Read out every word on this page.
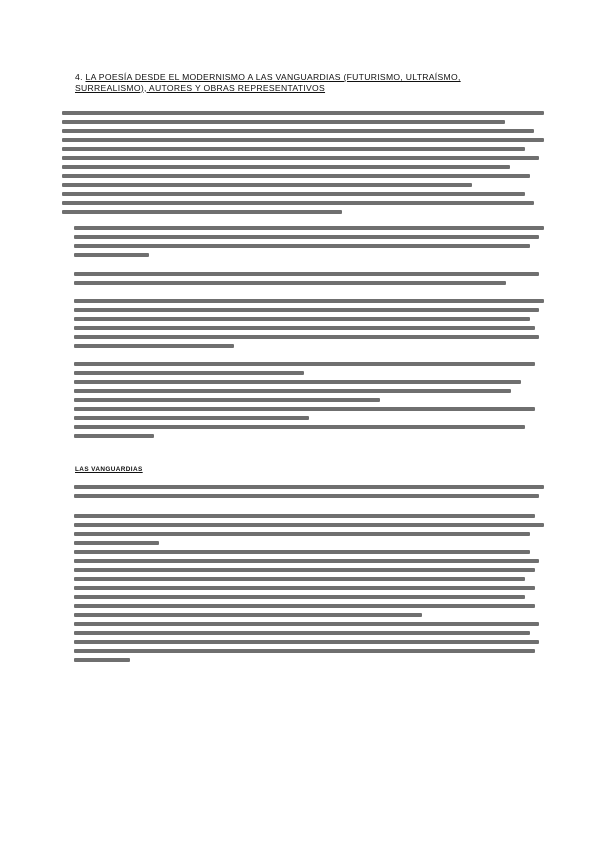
4. LA POESÍA DESDE EL MODERNISMO A LAS VANGUARDIAS (FUTURISMO, ULTRAÍSMO,
SURREALISMO), AUTORES Y OBRAS REPRESENTATIVOS
LAS VANGUARDIAS
